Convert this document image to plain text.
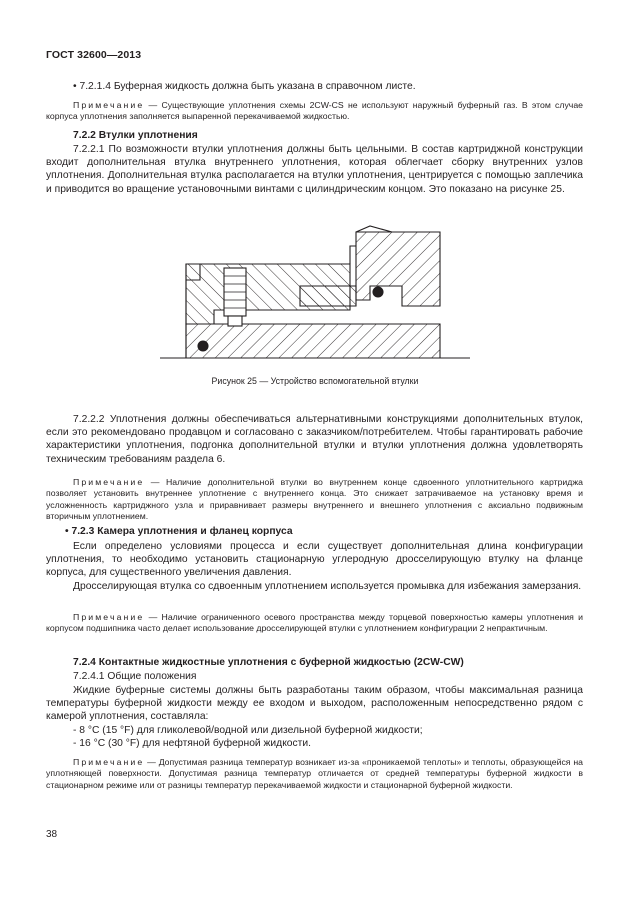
ГОСТ 32600—2013
• 7.2.1.4 Буферная жидкость должна быть указана в справочном листе.
Примечание — Существующие уплотнения схемы 2CW-CS не используют наружный буферный газ. В этом случае корпуса уплотнения заполняется выпаренной перекачиваемой жидкостью.
7.2.2 Втулки уплотнения
7.2.2.1 По возможности втулки уплотнения должны быть цельными. В состав картриджной конструкции входит дополнительная втулка внутреннего уплотнения, которая облегчает сборку внутренних узлов уплотнения. Дополнительная втулка располагается на втулки уплотнения, центрируется с помощью заплечика и приводится во вращение установочными винтами с цилиндрическим концом. Это показано на рисунке 25.
Рисунок 25 — Устройство вспомогательной втулки
7.2.2.2 Уплотнения должны обеспечиваться альтернативными конструкциями дополнительных втулок, если это рекомендовано продавцом и согласовано с заказчиком/потребителем. Чтобы гарантировать рабочие характеристики уплотнения, подгонка дополнительной втулки и втулки уплотнения должна удовлетворять техническим требованиям раздела 6.
Примечание — Наличие дополнительной втулки во внутреннем конце сдвоенного уплотнительного картриджа позволяет установить внутреннее уплотнение с внутреннего конца. Это снижает затрачиваемое на установку время и усложненность картриджного узла и приравнивает размеры внутреннего и внешнего уплотнения с аксиально подвижным вторичным уплотнением.
• 7.2.3 Камера уплотнения и фланец корпуса
Если определено условиями процесса и если существует дополнительная длина конфигурации уплотнения, то необходимо установить стационарную углеродную дросселирующую втулку на фланце корпуса, для существенного увеличения давления.
Дросселирующая втулка со сдвоенным уплотнением используется промывка для избежания замерзания.
Примечание — Наличие ограниченного осевого пространства между торцевой поверхностью камеры уплотнения и корпусом подшипника часто делает использование дросселирующей втулки с уплотнением конфигурации 2 непрактичным.
7.2.4 Контактные жидкостные уплотнения с буферной жидкостью (2CW-CW)
7.2.4.1 Общие положения
Жидкие буферные системы должны быть разработаны таким образом, чтобы максимальная разница температуры буферной жидкости между ее входом и выходом, расположенным непосредственно рядом с камерой уплотнения, составляла:
- 8 °С (15 °F) для гликолевой/водной или дизельной буферной жидкости;
- 16 °С (30 °F) для нефтяной буферной жидкости.
Примечание — Допустимая разница температур возникает из-за «проникаемой теплоты» и теплоты, образующейся на уплотняющей поверхности. Допустимая разница температур отличается от средней температуры буферной жидкости в стационарном режиме или от разницы температур перекачиваемой жидкости и стационарной буферной жидкости.
38
